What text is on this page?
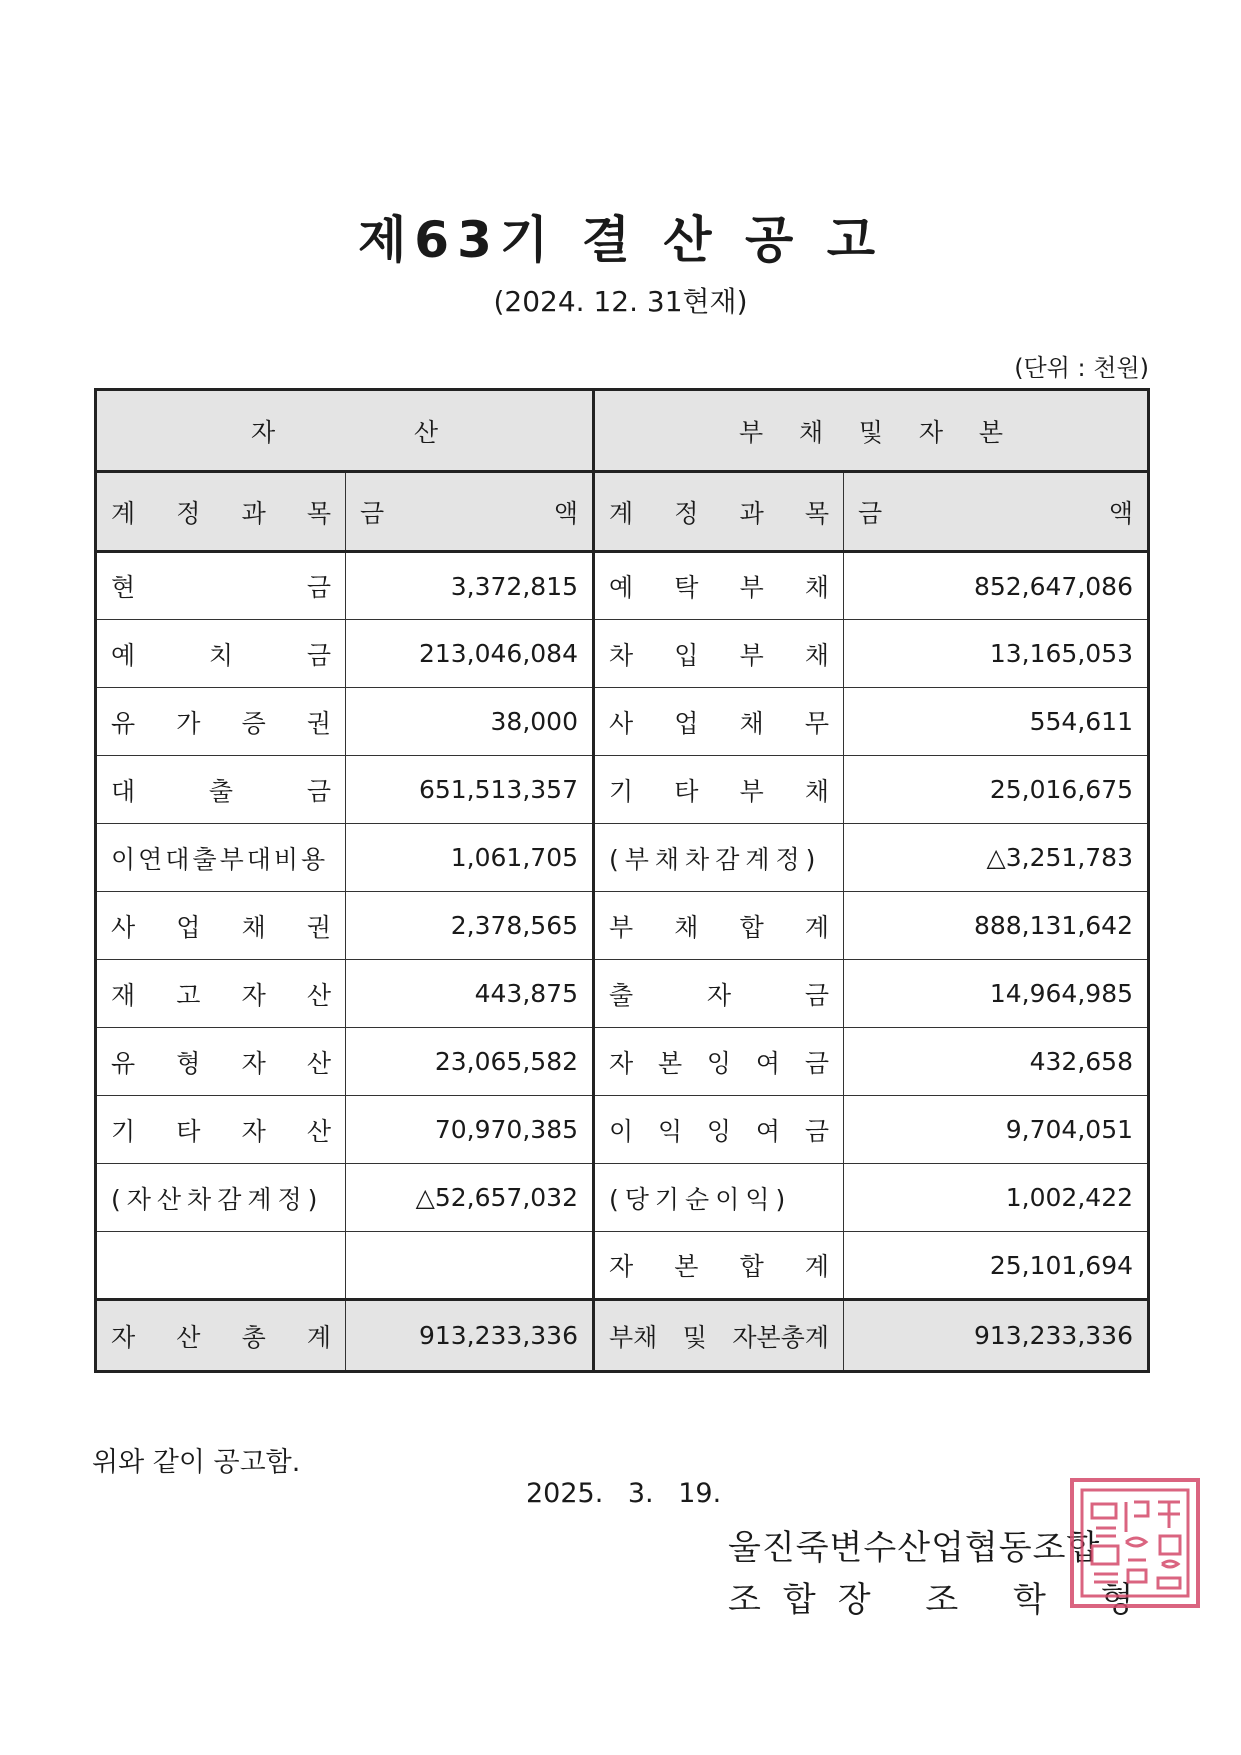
제63기 결 산 공 고
(2024. 12. 31현재)
(단위 : 천원)
자 산		부 채 및 자 본	

계 정 과 목	금 액	계 정 과 목	금 액

현 금	3,372,815	예 탁 부 채	852,647,086

예 치 금	213,046,084	차 입 부 채	13,165,053

유 가 증 권	38,000	사 업 채 무	554,611

대 출 금	651,513,357	기 타 부 채	25,016,675

이연대출부대비용	1,061,705	(부채차감계정)	△3,251,783

사 업 채 권	2,378,565	부 채 합 계	888,131,642

재 고 자 산	443,875	출 자 금	14,964,985

유 형 자 산	23,065,582	자 본 잉 여 금	432,658

기 타 자 산	70,970,385	이 익 잉 여 금	9,704,051

(자산차감계정)	△52,657,032	(당기순이익)	1,002,422

		자 본 합 계	25,101,694

자 산 총 계	913,233,336	부채 및 자본총계	913,233,336
위와 같이 공고함.
2025. 3. 19.
울진죽변수산업협동조합
조합장 조 학 형
